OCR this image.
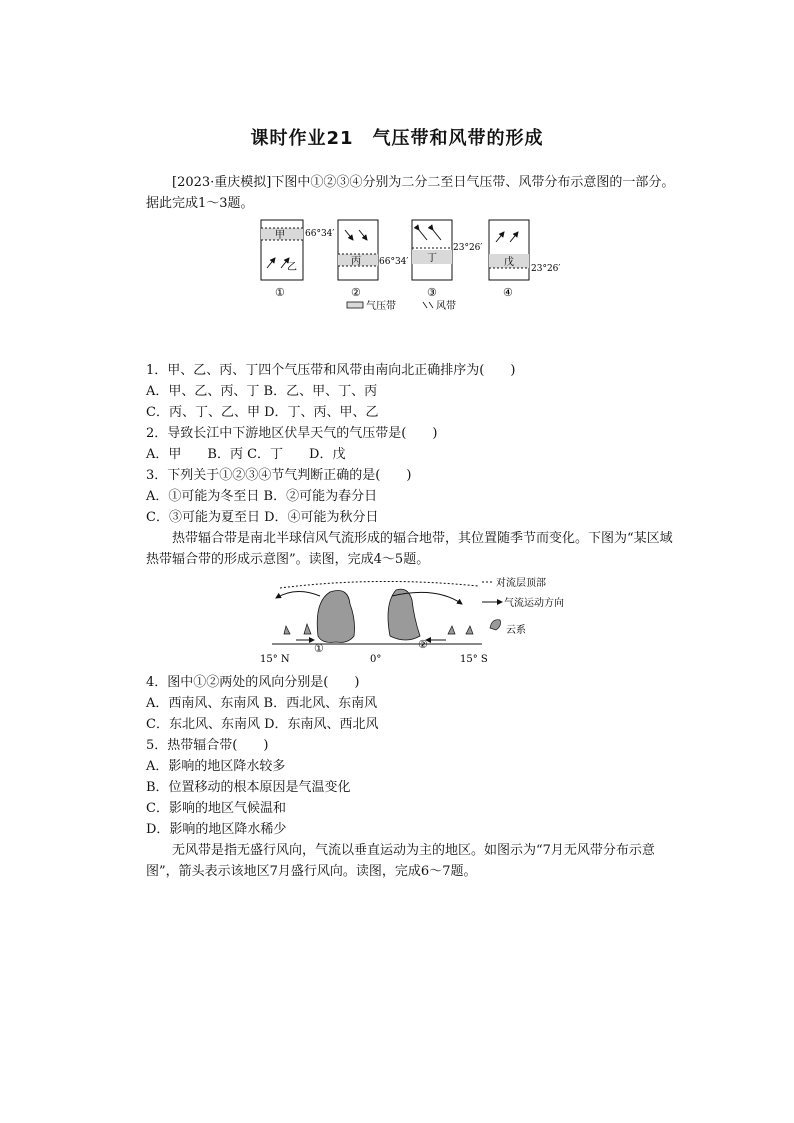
课时作业21　气压带和风带的形成
[2023·重庆模拟]下图中①②③④分别为二分二至日气压带、风带分布示意图的一部分。据此完成1～3题。
甲
乙
66°34′
①
丙 66°34′
②
丁
23°26′
③
戊
23°26′
④
气压带	风带
1．甲、乙、丙、丁四个气压带和风带由南向北正确排序为(　　)
A．甲、乙、丙、丁 B．乙、甲、丁、丙
C．丙、丁、乙、甲 D．丁、丙、甲、乙
2．导致长江中下游地区伏旱天气的气压带是(　　)
A．甲　　B．丙 C．丁　　D．戊
3．下列关于①②③④节气判断正确的是(　　)
A．①可能为冬至日 B．②可能为春分日
C．③可能为夏至日 D．④可能为秋分日
热带辐合带是南北半球信风气流形成的辐合地带，其位置随季节而变化。下图为“某区域热带辐合带的形成示意图”。读图，完成4～5题。
对流层顶部
气流运动方向
云系
①	②
15° N	0°	15° S
4．图中①②两处的风向分别是(　　)
A．西南风、东南风 B．西北风、东南风
C．东北风、东南风 D．东南风、西北风
5．热带辐合带(　　)
A．影响的地区降水较多
B．位置移动的根本原因是气温变化
C．影响的地区气候温和
D．影响的地区降水稀少
无风带是指无盛行风向，气流以垂直运动为主的地区。如图示为“7月无风带分布示意图”，箭头表示该地区7月盛行风向。读图，完成6～7题。
